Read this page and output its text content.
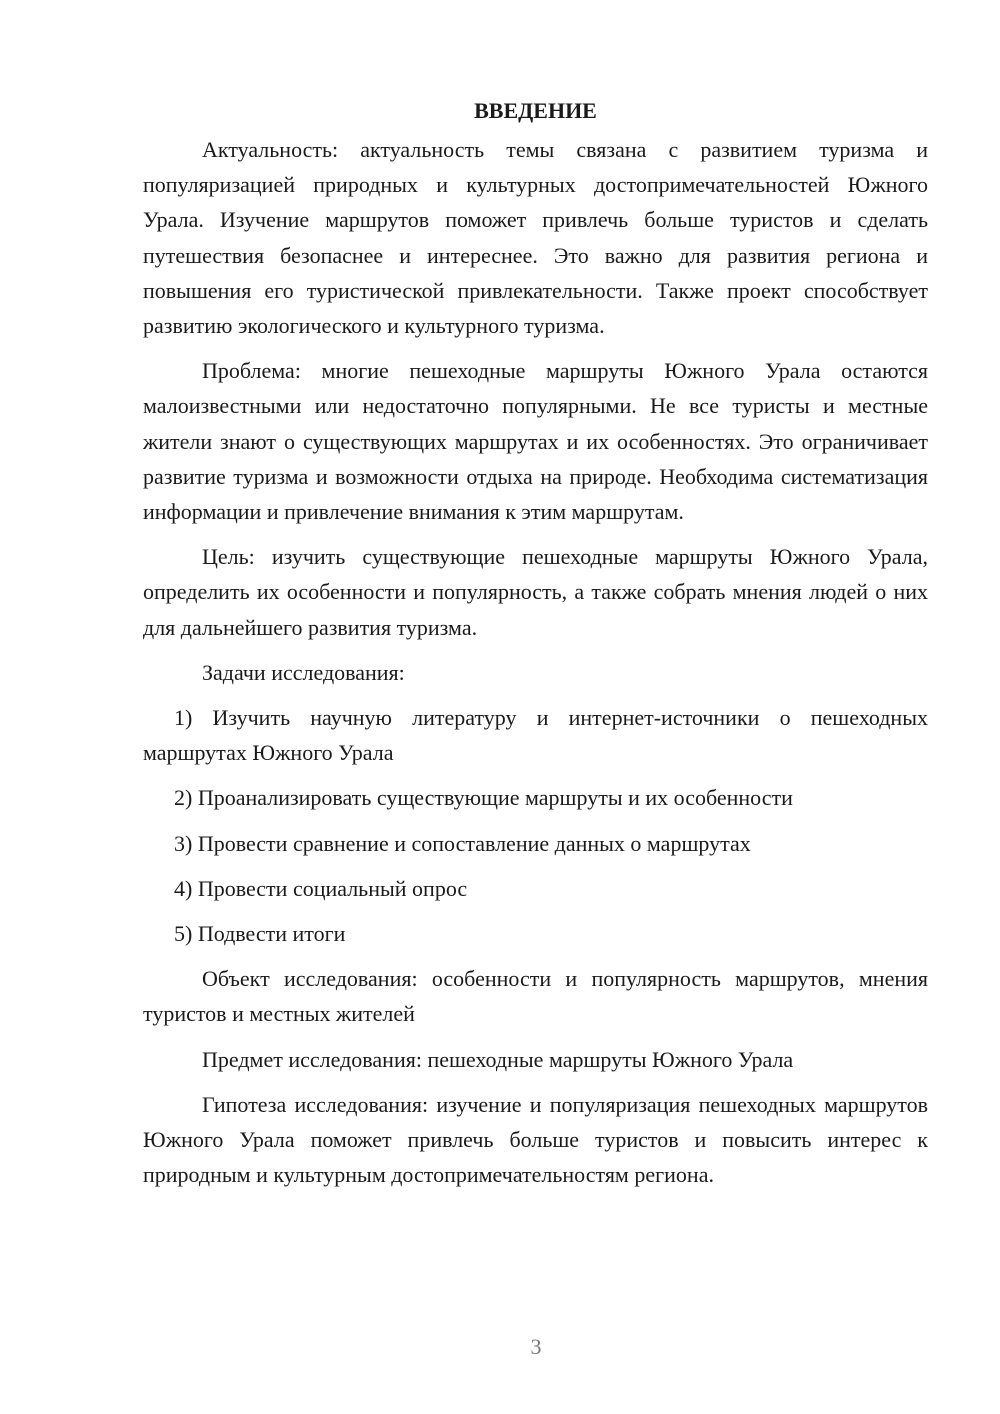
ВВЕДЕНИЕ

Актуальность: актуальность темы связана с развитием туризма и популяризацией природных и культурных достопримечательностей Южного Урала. Изучение маршрутов поможет привлечь больше туристов и сделать путешествия безопаснее и интереснее. Это важно для развития региона и повышения его туристической привлекательности. Также проект способствует развитию экологического и культурного туризма.

Проблема: многие пешеходные маршруты Южного Урала остаются малоизвестными или недостаточно популярными. Не все туристы и местные жители знают о существующих маршрутах и их особенностях. Это ограничивает развитие туризма и возможности отдыха на природе. Необходима систематизация информации и привлечение внимания к этим маршрутам.

Цель: изучить существующие пешеходные маршруты Южного Урала, определить их особенности и популярность, а также собрать мнения людей о них для дальнейшего развития туризма.

Задачи исследования:

1) Изучить научную литературу и интернет-источники о пешеходных маршрутах Южного Урала

2) Проанализировать существующие маршруты и их особенности

3) Провести сравнение и сопоставление данных о маршрутах

4) Провести социальный опрос

5) Подвести итоги

Объект исследования: особенности и популярность маршрутов, мнения туристов и местных жителей

Предмет исследования: пешеходные маршруты Южного Урала

Гипотеза исследования: изучение и популяризация пешеходных маршрутов Южного Урала поможет привлечь больше туристов и повысить интерес к природным и культурным достопримечательностям региона.

3
